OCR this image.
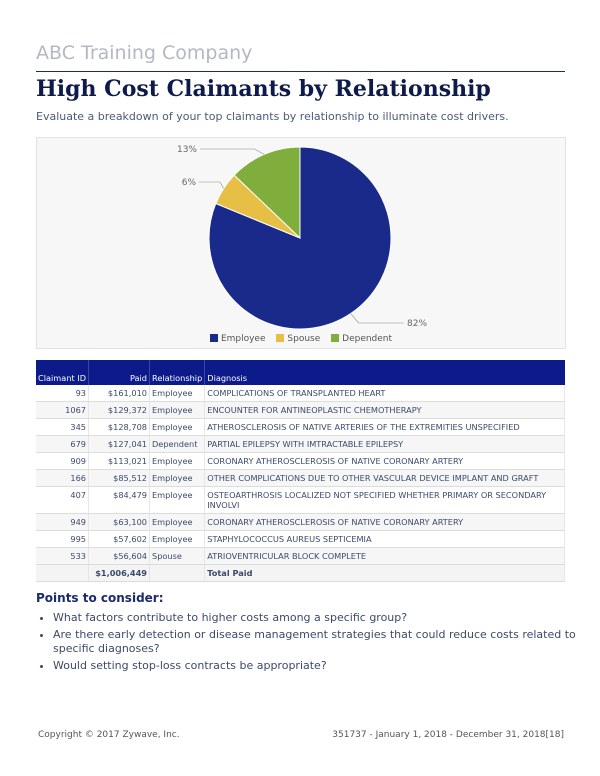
ABC Training Company
High Cost Claimants by Relationship
Evaluate a breakdown of your top claimants by relationship to illuminate cost drivers.
82%
6%
13%
Employee Spouse Dependent
Claimant ID	Paid	Relationship	Diagnosis
93	$161,010	Employee	COMPLICATIONS OF TRANSPLANTED HEART
1067	$129,372	Employee	ENCOUNTER FOR ANTINEOPLASTIC CHEMOTHERAPY
345	$128,708	Employee	ATHEROSCLEROSIS OF NATIVE ARTERIES OF THE EXTREMITIES UNSPECIFIED
679	$127,041	Dependent	PARTIAL EPILEPSY WITH IMTRACTABLE EPILEPSY
909	$113,021	Employee	CORONARY ATHEROSCLEROSIS OF NATIVE CORONARY ARTERY
166	$85,512	Employee	OTHER COMPLICATIONS DUE TO OTHER VASCULAR DEVICE IMPLANT AND GRAFT
407	$84,479	Employee	OSTEOARTHROSIS LOCALIZED NOT SPECIFIED WHETHER PRIMARY OR SECONDARY INVOLVI
949	$63,100	Employee	CORONARY ATHEROSCLEROSIS OF NATIVE CORONARY ARTERY
995	$57,602	Employee	STAPHYLOCOCCUS AUREUS SEPTICEMIA
533	$56,604	Spouse	ATRIOVENTRICULAR BLOCK COMPLETE
	$1,006,449		Total Paid
Points to consider:
• What factors contribute to higher costs among a specific group?
• Are there early detection or disease management strategies that could reduce costs related to specific diagnoses?
• Would setting stop-loss contracts be appropriate?
Copyright © 2017 Zywave, Inc.	351737 - January 1, 2018 - December 31, 2018[18]
